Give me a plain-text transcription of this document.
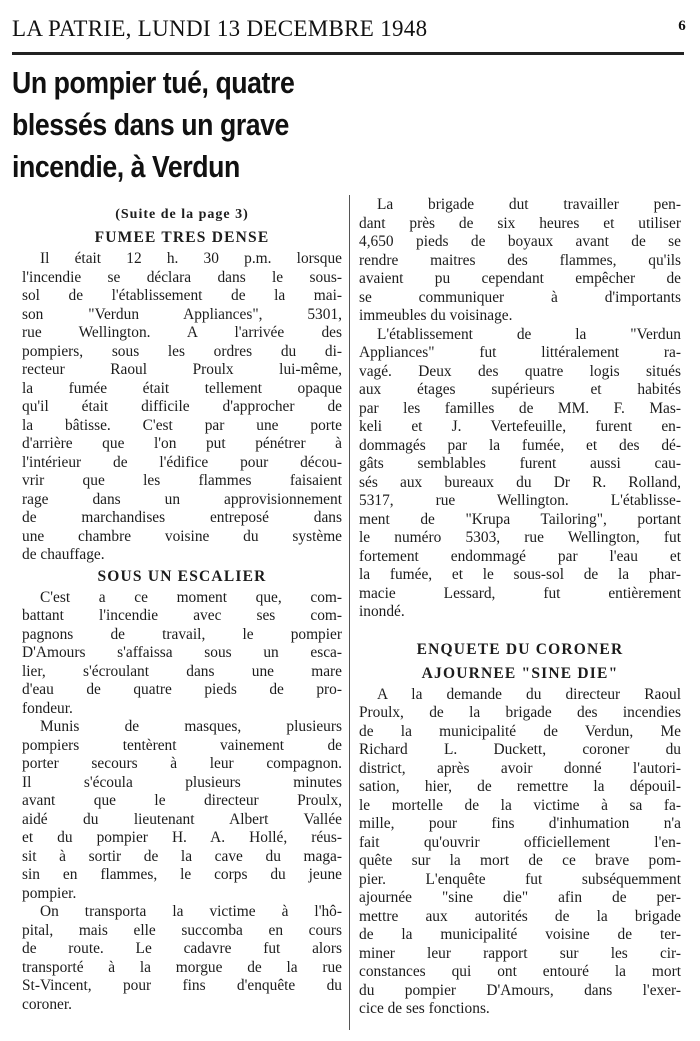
LA PATRIE, LUNDI 13 DECEMBRE 1948	6
Un pompier tué, quatre
blessés dans un grave
incendie, à Verdun
(Suite de la page 3)
FUMEE TRES DENSE
Il était 12 h. 30 p.m. lorsque
l'incendie se déclara dans le sous-
sol de l'établissement de la mai-
son "Verdun Appliances", 5301,
rue Wellington. A l'arrivée des
pompiers, sous les ordres du di-
recteur Raoul Proulx lui-même,
la fumée était tellement opaque
qu'il était difficile d'approcher de
la bâtisse. C'est par une porte
d'arrière que l'on put pénétrer à
l'intérieur de l'édifice pour décou-
vrir que les flammes faisaient
rage dans un approvisionnement
de marchandises entreposé dans
une chambre voisine du système
de chauffage.
SOUS UN ESCALIER
C'est a ce moment que, com-
battant l'incendie avec ses com-
pagnons de travail, le pompier
D'Amours s'affaissa sous un esca-
lier, s'écroulant dans une mare
d'eau de quatre pieds de pro-
fondeur.
Munis de masques, plusieurs
pompiers tentèrent vainement de
porter secours à leur compagnon.
Il s'écoula plusieurs minutes
avant que le directeur Proulx,
aidé du lieutenant Albert Vallée
et du pompier H. A. Hollé, réus-
sit à sortir de la cave du maga-
sin en flammes, le corps du jeune
pompier.
On transporta la victime à l'hô-
pital, mais elle succomba en cours
de route. Le cadavre fut alors
transporté à la morgue de la rue
St-Vincent, pour fins d'enquête du
coroner.
La brigade dut travailler pen-
dant près de six heures et utiliser
4,650 pieds de boyaux avant de se
rendre maitres des flammes, qu'ils
avaient pu cependant empêcher de
se communiquer à d'importants
immeubles du voisinage.
L'établissement de la "Verdun
Appliances" fut littéralement ra-
vagé. Deux des quatre logis situés
aux étages supérieurs et habités
par les familles de MM. F. Mas-
keli et J. Vertefeuille, furent en-
dommagés par la fumée, et des dé-
gâts semblables furent aussi cau-
sés aux bureaux du Dr R. Rolland,
5317, rue Wellington. L'établisse-
ment de "Krupa Tailoring", portant
le numéro 5303, rue Wellington, fut
fortement endommagé par l'eau et
la fumée, et le sous-sol de la phar-
macie Lessard, fut entièrement
inondé.
ENQUETE DU CORONER
AJOURNEE "SINE DIE"
A la demande du directeur Raoul
Proulx, de la brigade des incendies
de la municipalité de Verdun, Me
Richard L. Duckett, coroner du
district, après avoir donné l'autori-
sation, hier, de remettre la dépouil-
le mortelle de la victime à sa fa-
mille, pour fins d'inhumation n'a
fait qu'ouvrir officiellement l'en-
quête sur la mort de ce brave pom-
pier. L'enquête fut subséquemment
ajournée "sine die" afin de per-
mettre aux autorités de la brigade
de la municipalité voisine de ter-
miner leur rapport sur les cir-
constances qui ont entouré la mort
du pompier D'Amours, dans l'exer-
cice de ses fonctions.
